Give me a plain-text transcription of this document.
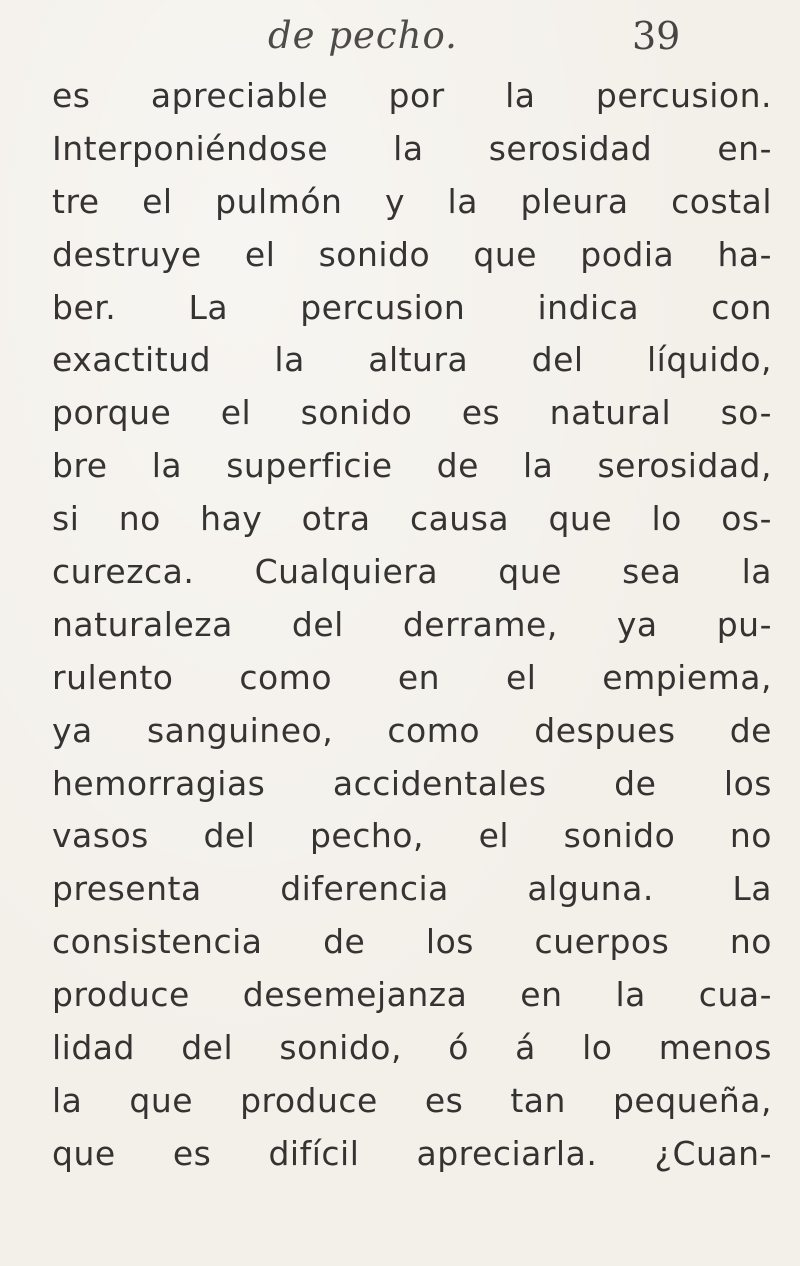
de pecho.	39
es apreciable por la percusion.
Interponiéndose la serosidad en-
tre el pulmón y la pleura costal
destruye el sonido que podia ha-
ber. La percusion indica con
exactitud la altura del líquido,
porque el sonido es natural so-
bre la superficie de la serosidad,
si no hay otra causa que lo os-
curezca. Cualquiera que sea la
naturaleza del derrame, ya pu-
rulento como en el empiema,
ya sanguineo, como despues de
hemorragias accidentales de los
vasos del pecho, el sonido no
presenta diferencia alguna. La
consistencia de los cuerpos no
produce desemejanza en la cua-
lidad del sonido, ó á lo menos
la que produce es tan pequeña,
que es difícil apreciarla. ¿Cuan-
